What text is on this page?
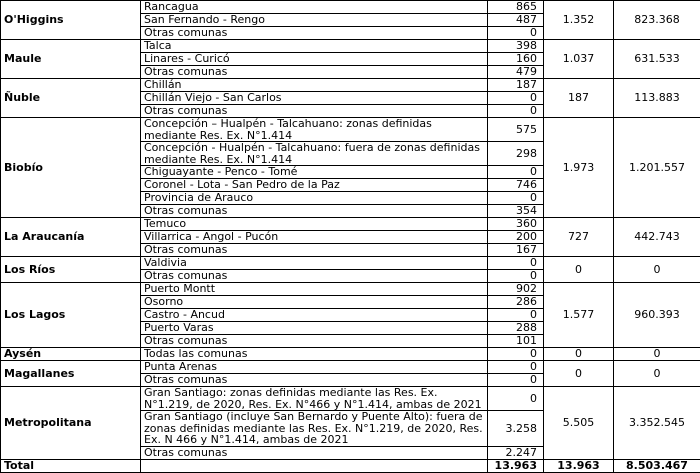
O'Higgins	Rancagua	865	1.352	823.368
	San Fernando - Rengo	487		
	Otras comunas	0		
Maule	Talca	398	1.037	631.533
	Linares - Curicó	160		
	Otras comunas	479		
Ñuble	Chillán	187	187	113.883
	Chillán Viejo - San Carlos	0		
	Otras comunas	0		
Biobío	Concepción – Hualpén - Talcahuano: zonas definidas mediante Res. Ex. N°1.414	575	1.973	1.201.557
	Concepción - Hualpén - Talcahuano: fuera de zonas definidas mediante Res. Ex. N°1.414	298		
	Chiguayante - Penco - Tomé	0		
	Coronel - Lota - San Pedro de la Paz	746		
	Provincia de Arauco	0		
	Otras comunas	354		
La Araucanía	Temuco	360	727	442.743
	Villarrica - Angol - Pucón	200		
	Otras comunas	167		
Los Ríos	Valdivia	0	0	0
	Otras comunas	0		
Los Lagos	Puerto Montt	902	1.577	960.393
	Osorno	286		
	Castro - Ancud	0		
	Puerto Varas	288		
	Otras comunas	101		
Aysén	Todas las comunas	0	0	0
Magallanes	Punta Arenas	0	0	0
	Otras comunas	0		
Metropolitana	Gran Santiago: zonas definidas mediante las Res. Ex. N°1.219, de 2020, Res. Ex. N°466 y N°1.414, ambas de 2021	0	5.505	3.352.545
	Gran Santiago (incluye San Bernardo y Puente Alto): fuera de zonas definidas mediante las Res. Ex. N°1.219, de 2020, Res. Ex. N 466 y N°1.414, ambas de 2021	3.258		
	Otras comunas	2.247		
Total		13.963	13.963	8.503.467
